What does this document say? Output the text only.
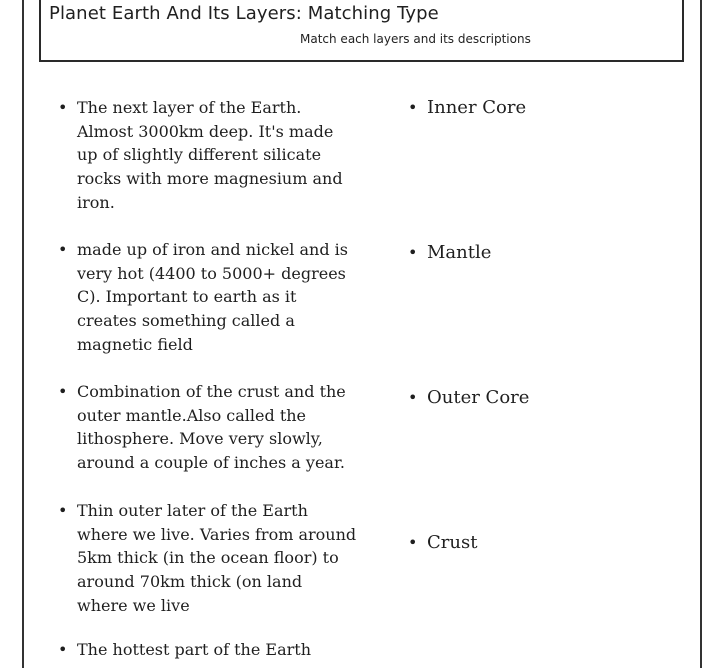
Planet Earth And Its Layers: Matching Type
Match each layers and its descriptions
• The next layer of the Earth. Almost 3000km deep. It's made up of slightly different silicate rocks with more magnesium and iron.
• made up of iron and nickel and is very hot (4400 to 5000+ degrees C). Important to earth as it creates something called a magnetic field
• Combination of the crust and the outer mantle.Also called the lithosphere. Move very slowly, around a couple of inches a year.
• Thin outer later of the Earth where we live. Varies from around 5km thick (in the ocean floor) to around 70km thick (on land where we live
• The hottest part of the Earth
• Inner Core
• Mantle
• Outer Core
• Crust
